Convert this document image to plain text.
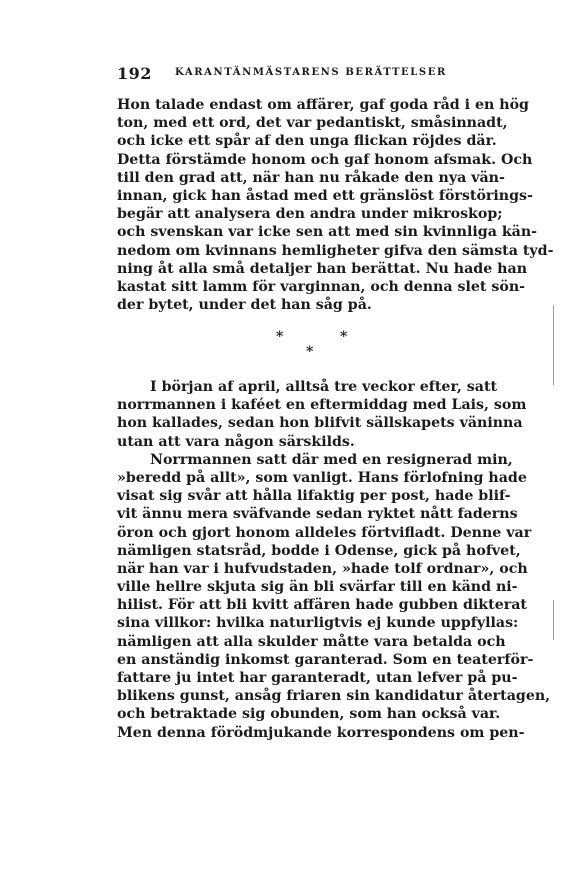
192 KARANTÄNMÄSTARENS BERÄTTELSER
Hon talade endast om affärer, gaf goda råd i en hög
ton, med ett ord, det var pedantiskt, småsinnadt,
och icke ett spår af den unga flickan röjdes där.
Detta förstämde honom och gaf honom afsmak. Och
till den grad att, när han nu råkade den nya vän-
innan, gick han åstad med ett gränslöst förstörings-
begär att analysera den andra under mikroskop;
och svenskan var icke sen att med sin kvinnliga kän-
nedom om kvinnans hemligheter gifva den sämsta tyd-
ning åt alla små detaljer han berättat. Nu hade han
kastat sitt lamm för varginnan, och denna slet sön-
der bytet, under det han såg på.
*	*
*
I början af april, alltså tre veckor efter, satt
norrmannen i kaféet en eftermiddag med Lais, som
hon kallades, sedan hon blifvit sällskapets väninna
utan att vara någon särskilds.
Norrmannen satt där med en resignerad min,
»beredd på allt», som vanligt. Hans förlofning hade
visat sig svår att hålla lifaktig per post, hade blif-
vit ännu mera sväfvande sedan ryktet nått faderns
öron och gjort honom alldeles förtvifladt. Denne var
nämligen statsråd, bodde i Odense, gick på hofvet,
när han var i hufvudstaden, »hade tolf ordnar», och
ville hellre skjuta sig än bli svärfar till en känd ni-
hilist. För att bli kvitt affären hade gubben dikterat
sina villkor: hvilka naturligtvis ej kunde uppfyllas:
nämligen att alla skulder måtte vara betalda och
en anständig inkomst garanterad. Som en teaterför-
fattare ju intet har garanteradt, utan lefver på pu-
blikens gunst, ansåg friaren sin kandidatur återtagen,
och betraktade sig obunden, som han också var.
Men denna förödmjukande korrespondens om pen-
